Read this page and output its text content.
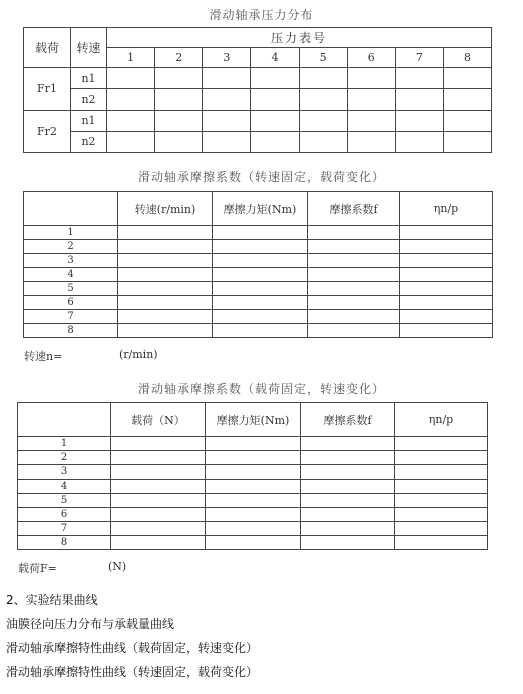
滑动轴承压力分布
载荷	转速	压力表号							
		1	2	3	4	5	6	7	8
Fr1	n1								
	n2								
Fr2	n1								
	n2								
滑动轴承摩擦系数（转速固定，载荷变化）
	转速(r/min)	摩擦力矩(Nm)	摩擦系数f	ηn/p
1				
2				
3				
4				
5				
6				
7				
8				
转速n=	(r/min)
滑动轴承摩擦系数（载荷固定，转速变化）
	载荷（N）	摩擦力矩(Nm)	摩擦系数f	ηn/p
1				
2				
3				
4				
5				
6				
7				
8				
载荷F=	(N)
2、实验结果曲线
油膜径向压力分布与承载量曲线
滑动轴承摩擦特性曲线（载荷固定，转速变化）
滑动轴承摩擦特性曲线（转速固定，载荷变化）
